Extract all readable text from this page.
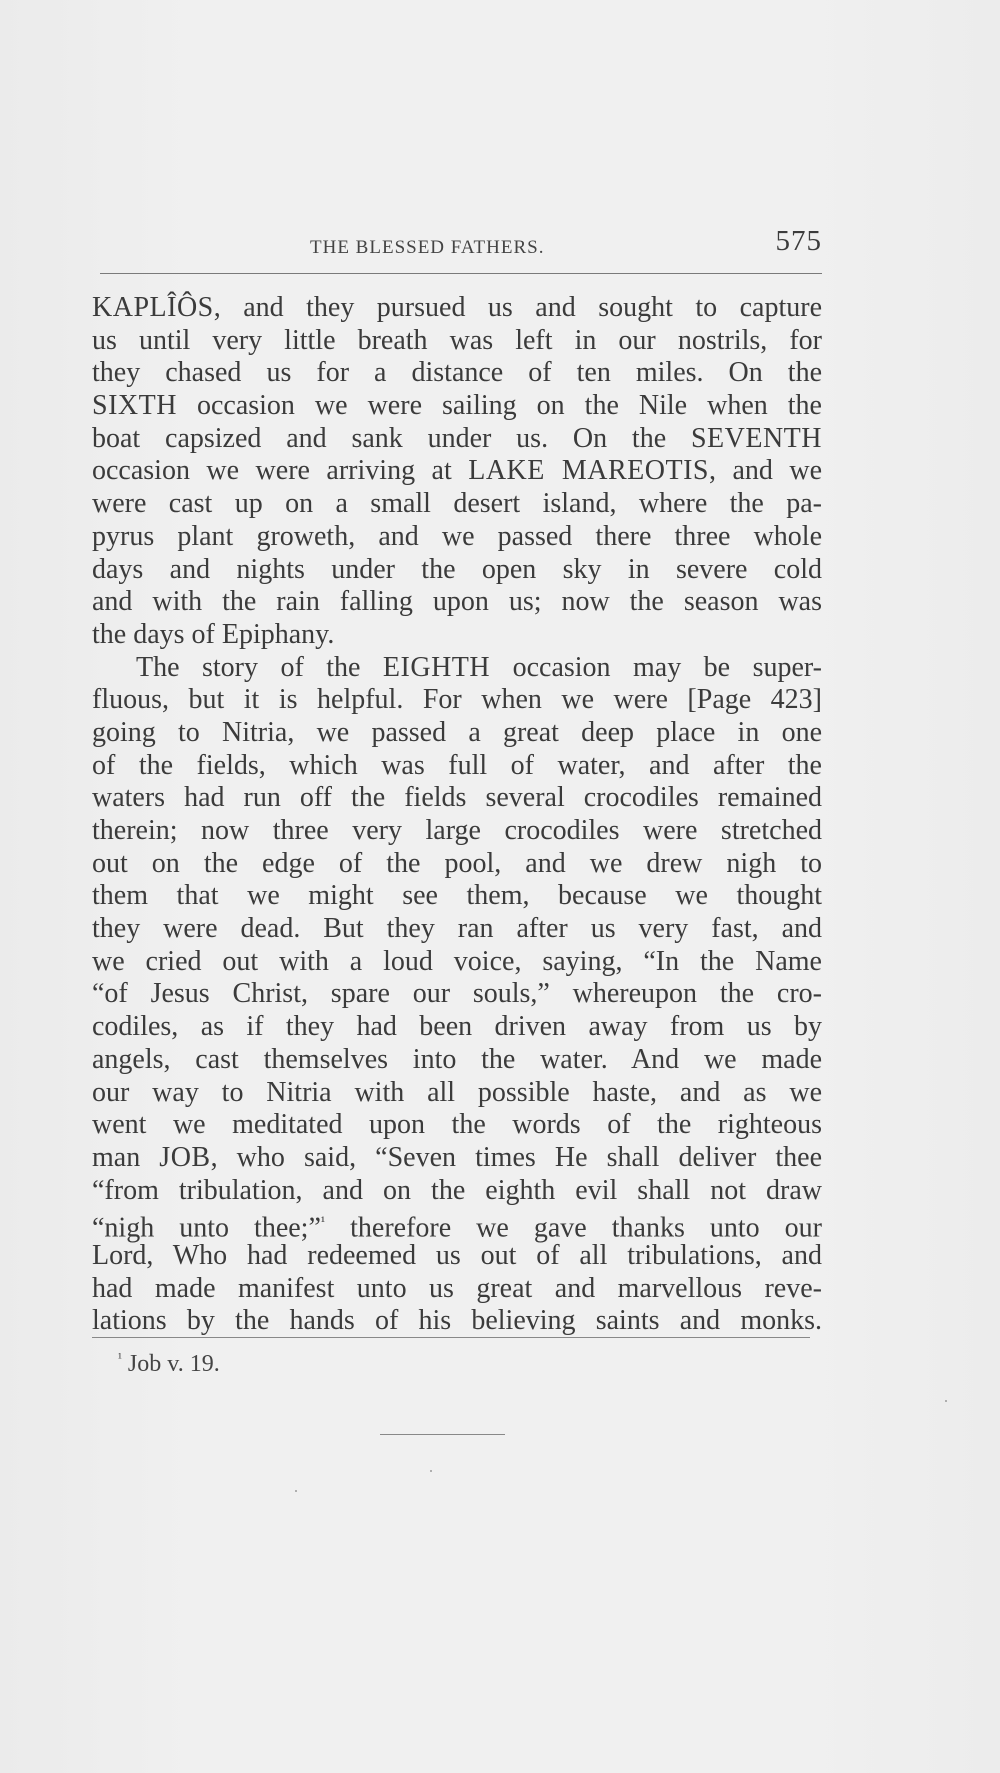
THE BLESSED FATHERS.	575
KAPLÎÔS, and they pursued us and sought to capture
us until very little breath was left in our nostrils, for
they chased us for a distance of ten miles. On the
SIXTH occasion we were sailing on the Nile when the
boat capsized and sank under us. On the SEVENTH
occasion we were arriving at LAKE MAREOTIS, and we
were cast up on a small desert island, where the pa-
pyrus plant groweth, and we passed there three whole
days and nights under the open sky in severe cold
and with the rain falling upon us; now the season was
the days of Epiphany.
The story of the EIGHTH occasion may be super-
fluous, but it is helpful. For when we were [Page 423]
going to Nitria, we passed a great deep place in one
of the fields, which was full of water, and after the
waters had run off the fields several crocodiles remained
therein; now three very large crocodiles were stretched
out on the edge of the pool, and we drew nigh to
them that we might see them, because we thought
they were dead. But they ran after us very fast, and
we cried out with a loud voice, saying, “In the Name
“of Jesus Christ, spare our souls,” whereupon the cro-
codiles, as if they had been driven away from us by
angels, cast themselves into the water. And we made
our way to Nitria with all possible haste, and as we
went we meditated upon the words of the righteous
man JOB, who said, “Seven times He shall deliver thee
“from tribulation, and on the eighth evil shall not draw
“nigh unto thee;”$^{^1}$ therefore we gave thanks unto our
Lord, Who had redeemed us out of all tribulations, and
had made manifest unto us great and marvellous reve-
lations by the hands of his believing saints and monks.
$^{^1}$ Job v. 19.
